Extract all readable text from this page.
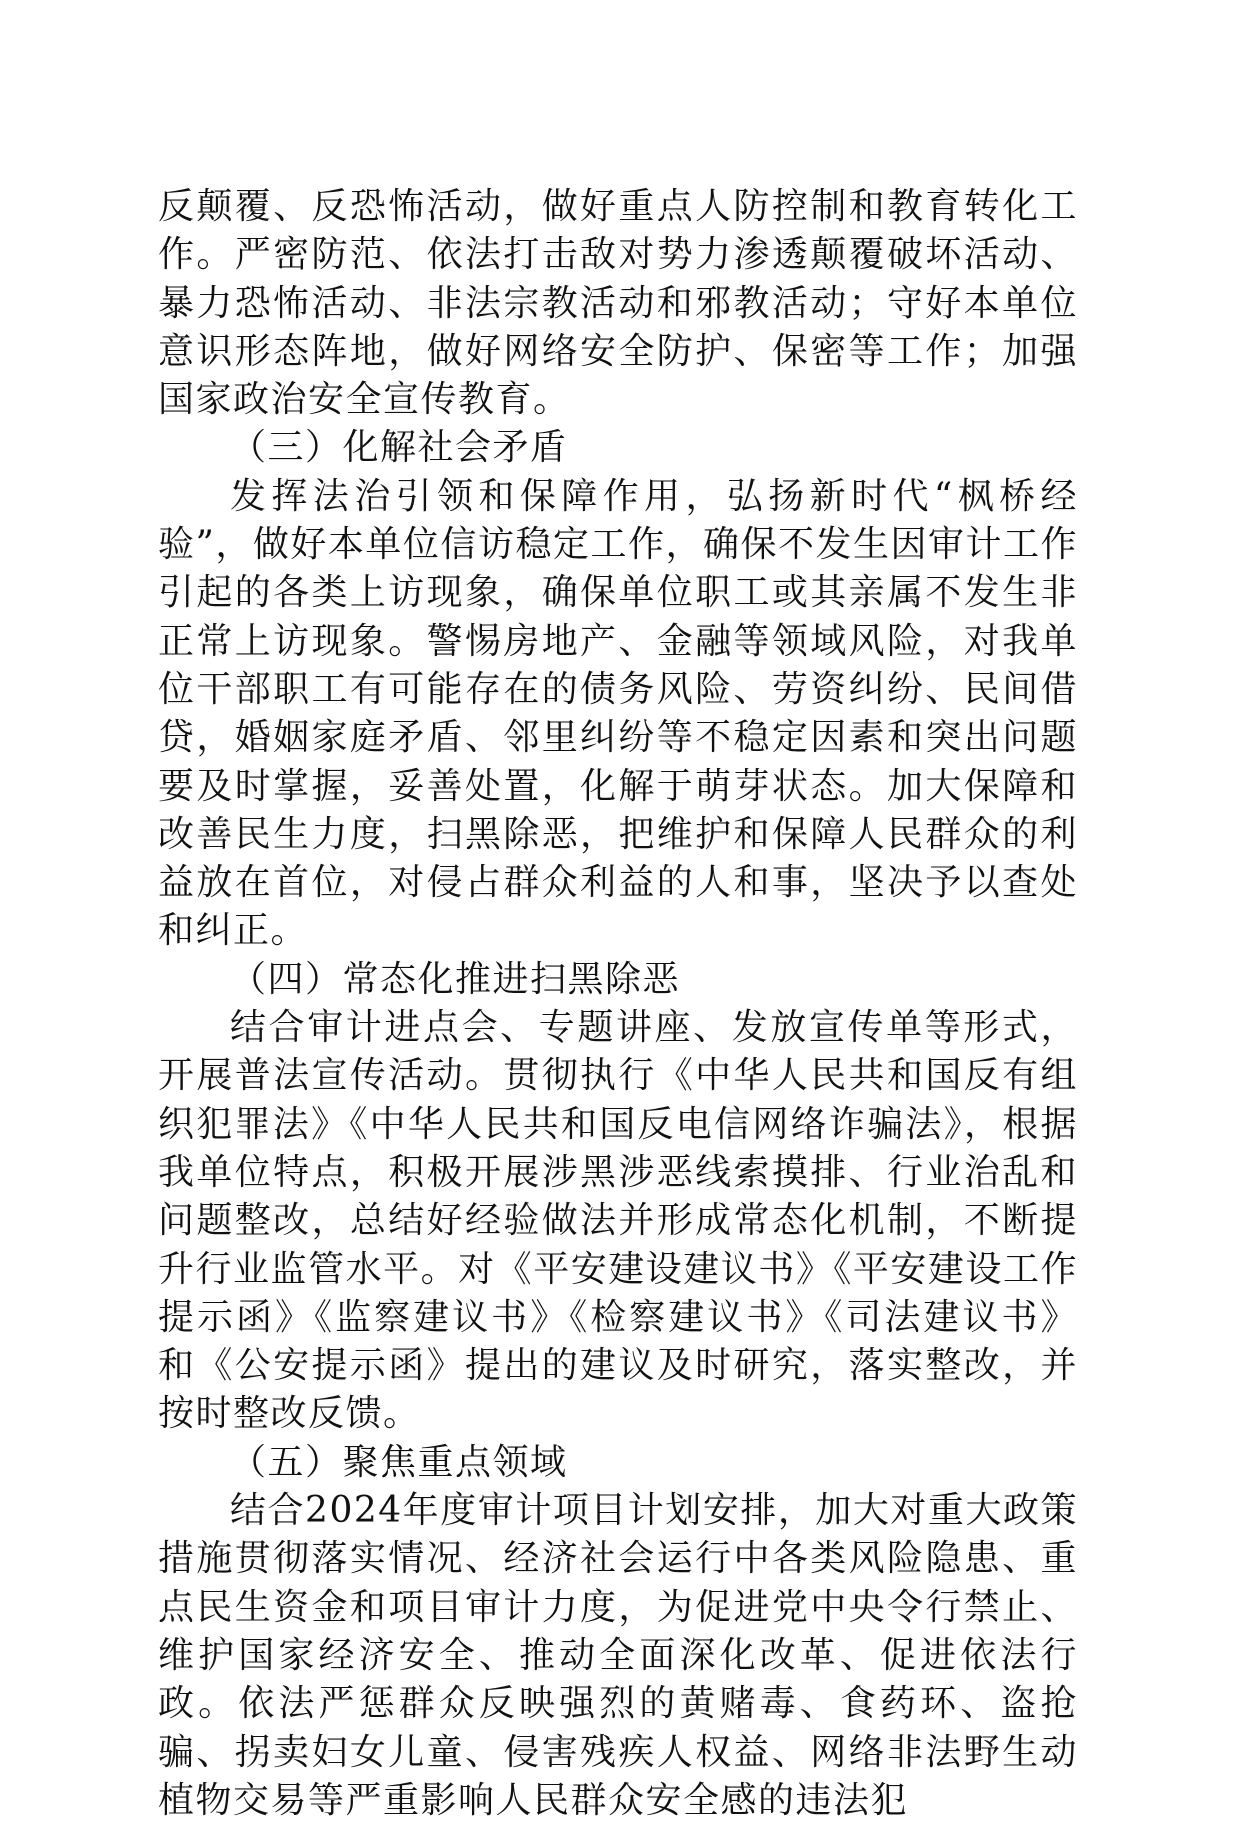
反颠覆、反恐怖活动，做好重点人防控制和教育转化工作。严密防范、依法打击敌对势力渗透颠覆破坏活动、暴力恐怖活动、非法宗教活动和邪教活动；守好本单位意识形态阵地，做好网络安全防护、保密等工作；加强国家政治安全宣传教育。

（三）化解社会矛盾

发挥法治引领和保障作用，弘扬新时代“枫桥经验”，做好本单位信访稳定工作，确保不发生因审计工作引起的各类上访现象，确保单位职工或其亲属不发生非正常上访现象。警惕房地产、金融等领域风险，对我单位干部职工有可能存在的债务风险、劳资纠纷、民间借贷，婚姻家庭矛盾、邻里纠纷等不稳定因素和突出问题要及时掌握，妥善处置，化解于萌芽状态。加大保障和改善民生力度，扫黑除恶，把维护和保障人民群众的利益放在首位，对侵占群众利益的人和事，坚决予以查处和纠正。

（四）常态化推进扫黑除恶

结合审计进点会、专题讲座、发放宣传单等形式，开展普法宣传活动。贯彻执行《中华人民共和国反有组织犯罪法》《中华人民共和国反电信网络诈骗法》，根据我单位特点，积极开展涉黑涉恶线索摸排、行业治乱和问题整改，总结好经验做法并形成常态化机制，不断提升行业监管水平。对《平安建设建议书》《平安建设工作提示函》《监察建议书》《检察建议书》《司法建议书》和《公安提示函》提出的建议及时研究，落实整改，并按时整改反馈。

（五）聚焦重点领域

结合2024年度审计项目计划安排，加大对重大政策措施贯彻落实情况、经济社会运行中各类风险隐患、重点民生资金和项目审计力度，为促进党中央令行禁止、维护国家经济安全、推动全面深化改革、促进依法行政。依法严惩群众反映强烈的黄赌毒、食药环、盗抢骗、拐卖妇女儿童、侵害残疾人权益、网络非法野生动植物交易等严重影响人民群众安全感的违法犯
